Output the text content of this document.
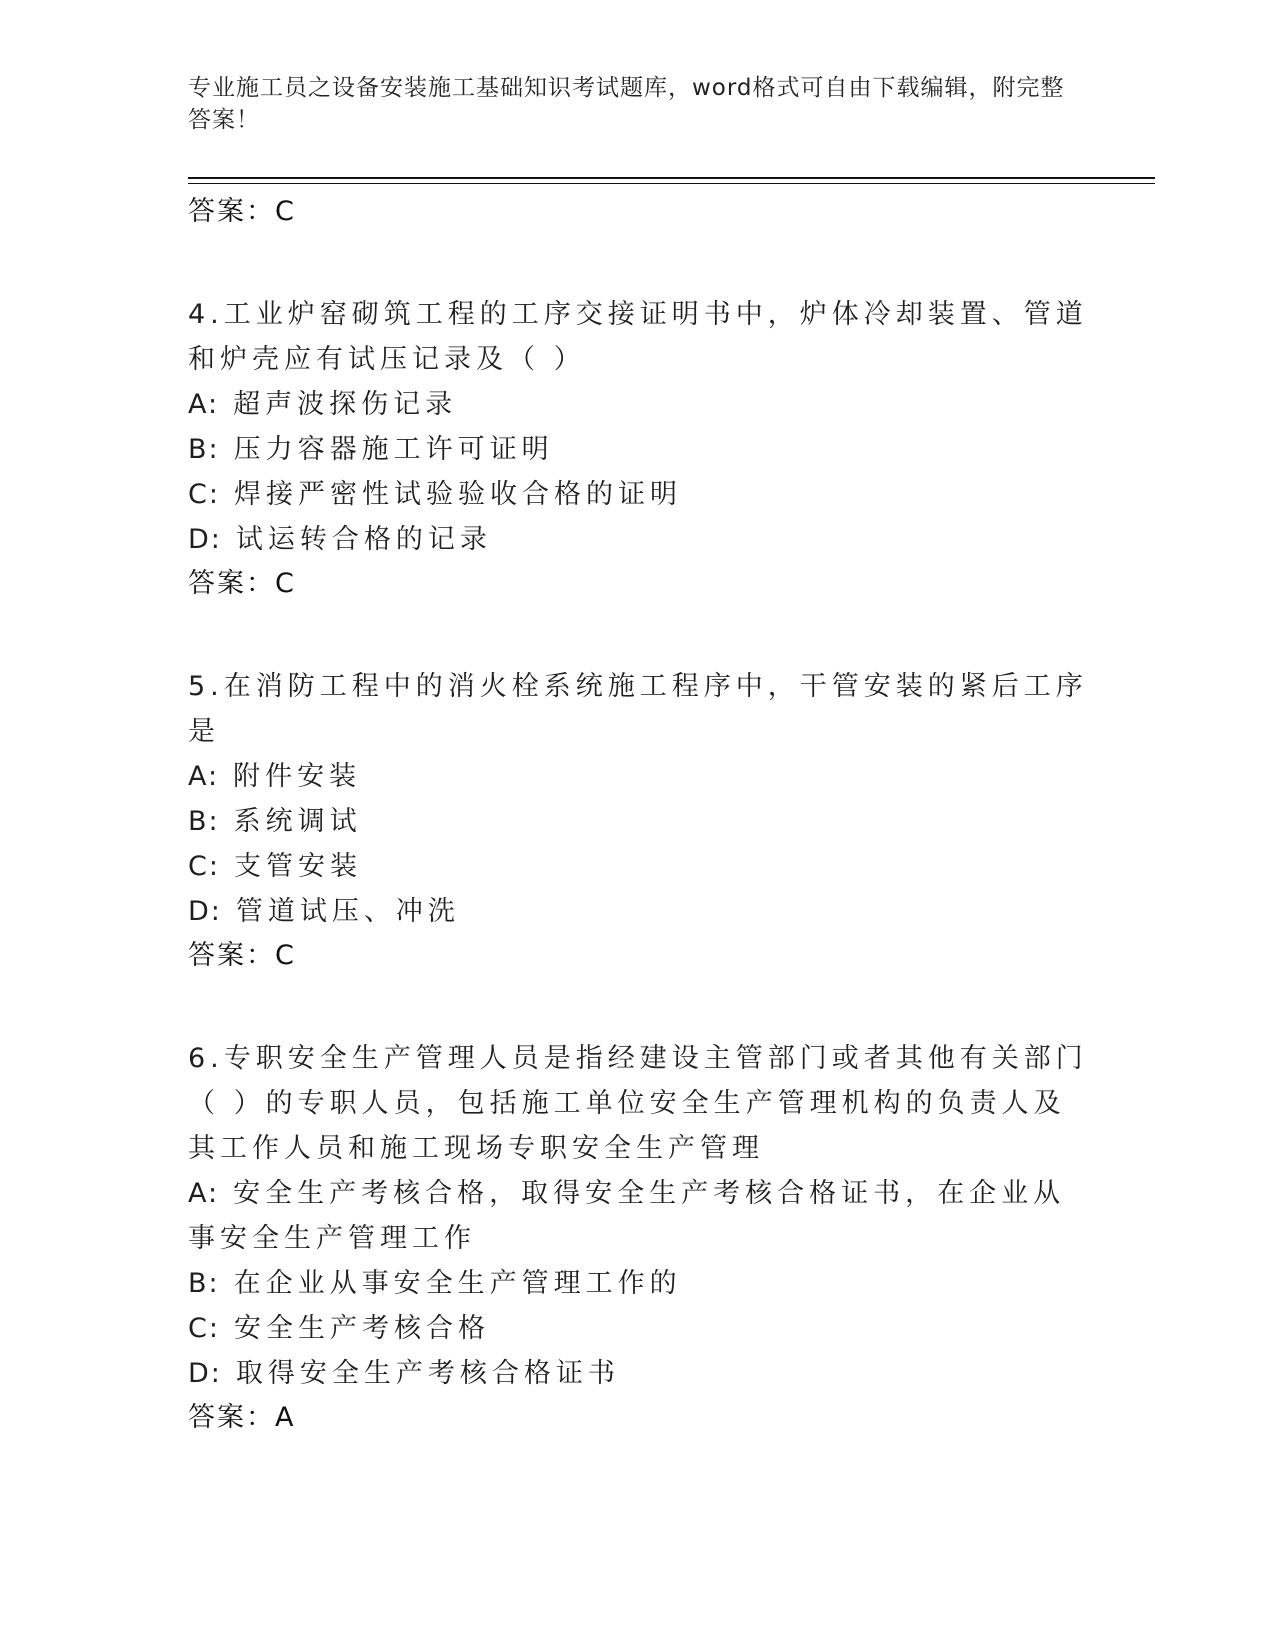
专业施工员之设备安装施工基础知识考试题库，word格式可自由下载编辑，附完整答案！

答案：C

4.工业炉窑砌筑工程的工序交接证明书中，炉体冷却装置、管道和炉壳应有试压记录及（ ）

A: 超声波探伤记录

B: 压力容器施工许可证明

C: 焊接严密性试验验收合格的证明

D: 试运转合格的记录

答案：C

5.在消防工程中的消火栓系统施工程序中，干管安装的紧后工序是

A: 附件安装

B: 系统调试

C: 支管安装

D: 管道试压、冲洗

答案：C

6.专职安全生产管理人员是指经建设主管部门或者其他有关部门（ ）的专职人员，包括施工单位安全生产管理机构的负责人及其工作人员和施工现场专职安全生产管理

A: 安全生产考核合格，取得安全生产考核合格证书，在企业从事安全生产管理工作

B: 在企业从事安全生产管理工作的

C: 安全生产考核合格

D: 取得安全生产考核合格证书

答案：A
